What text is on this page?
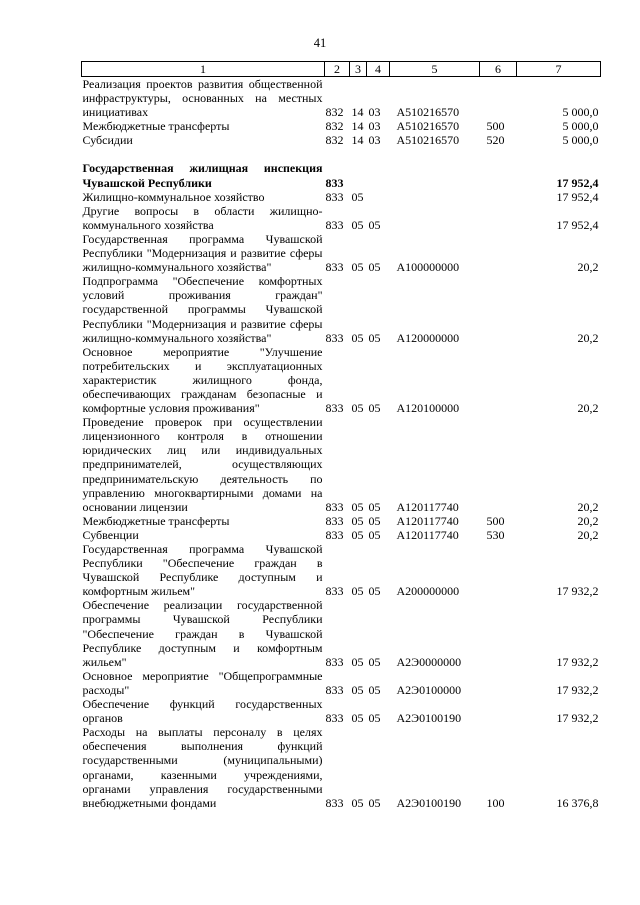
41
1	2	3	4	5	6	7
Реализация проектов развития общественной инфраструктуры, основанных на местных инициативах	832	14	03	А510216570		5 000,0
Межбюджетные трансферты	832	14	03	А510216570	500	5 000,0
Субсидии	832	14	03	А510216570	520	5 000,0

Государственная жилищная инспекция Чувашской Республики	833					17 952,4
Жилищно-коммунальное хозяйство	833	05				17 952,4
Другие вопросы в области жилищно-коммунального хозяйства	833	05	05			17 952,4
Государственная программа Чувашской Республики "Модернизация и развитие сферы жилищно-коммунального хозяйства"	833	05	05	А100000000		20,2
Подпрограмма "Обеспечение комфортных условий проживания граждан" государственной программы Чувашской Республики "Модернизация и развитие сферы жилищно-коммунального хозяйства"	833	05	05	А120000000		20,2
Основное мероприятие "Улучшение потребительских и эксплуатационных характеристик жилищного фонда, обеспечивающих гражданам безопасные и комфортные условия проживания"	833	05	05	А120100000		20,2
Проведение проверок при осуществлении лицензионного контроля в отношении юридических лиц или индивидуальных предпринимателей, осуществляющих предпринимательскую деятельность по управлению многоквартирными домами на основании лицензии	833	05	05	А120117740		20,2
Межбюджетные трансферты	833	05	05	А120117740	500	20,2
Субвенции	833	05	05	А120117740	530	20,2
Государственная программа Чувашской Республики "Обеспечение граждан в Чувашской Республике доступным и комфортным жильем"	833	05	05	А200000000		17 932,2
Обеспечение реализации государственной программы Чувашской Республики "Обеспечение граждан в Чувашской Республике доступным и комфортным жильем"	833	05	05	А2Э0000000		17 932,2
Основное мероприятие "Общепрограммные расходы"	833	05	05	А2Э0100000		17 932,2
Обеспечение функций государственных органов	833	05	05	А2Э0100190		17 932,2
Расходы на выплаты персоналу в целях обеспечения выполнения функций государственными (муниципальными) органами, казенными учреждениями, органами управления государственными внебюджетными фондами	833	05	05	А2Э0100190	100	16 376,8
